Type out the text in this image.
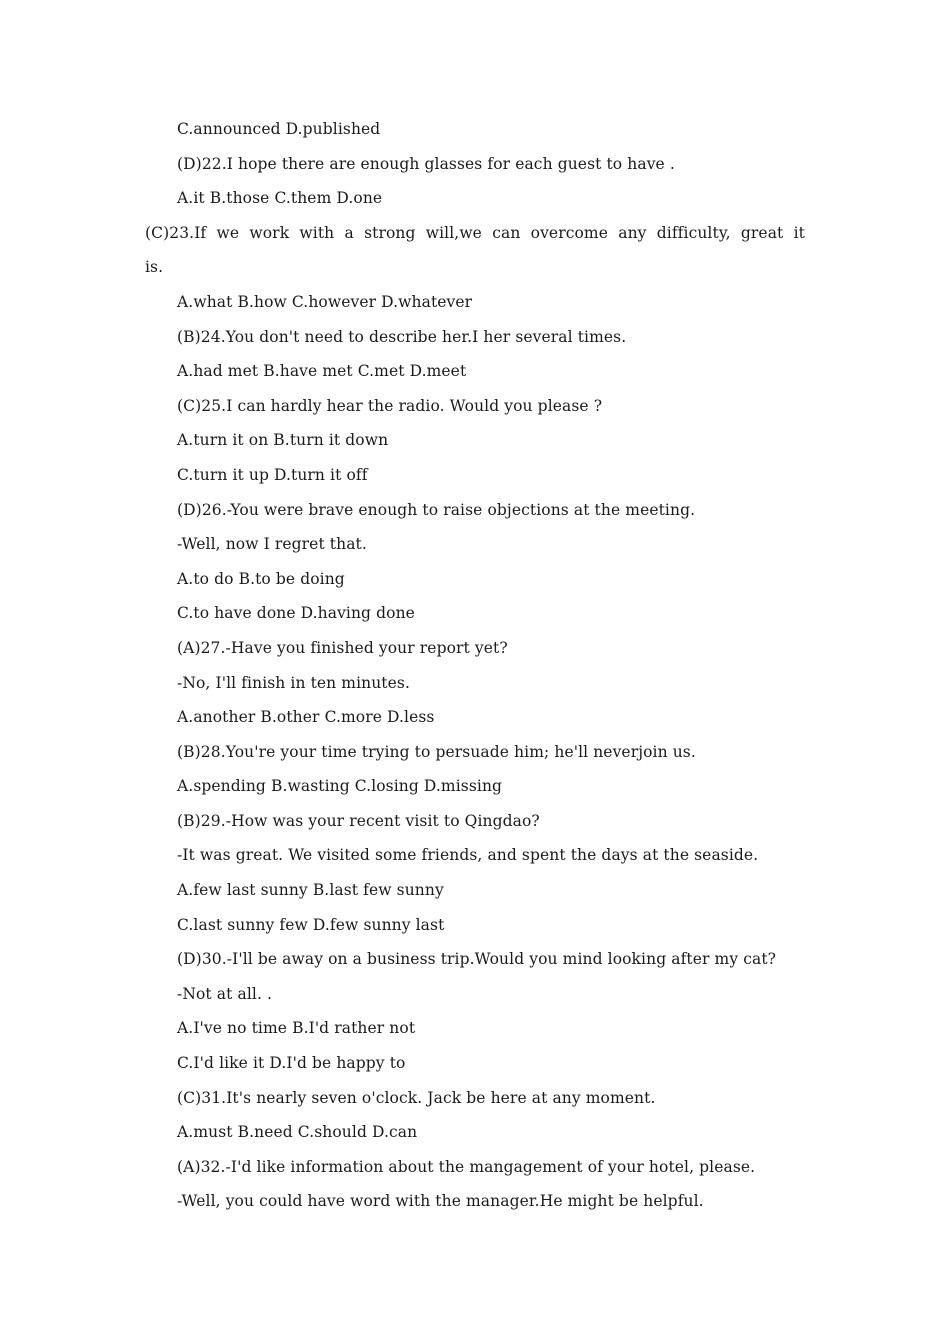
C.announced D.published
(D)22.I hope there are enough glasses for each guest to have .
A.it B.those C.them D.one
(C)23.If we work with a strong will,we can overcome any difficulty, great it
is.
A.what B.how C.however D.whatever
(B)24.You don't need to describe her.I her several times.
A.had met B.have met C.met D.meet
(C)25.I can hardly hear the radio. Would you please ?
A.turn it on B.turn it down
C.turn it up D.turn it off
(D)26.-You were brave enough to raise objections at the meeting.
-Well, now I regret that.
A.to do B.to be doing
C.to have done D.having done
(A)27.-Have you finished your report yet?
-No, I'll finish in ten minutes.
A.another B.other C.more D.less
(B)28.You're your time trying to persuade him; he'll neverjoin us.
A.spending B.wasting C.losing D.missing
(B)29.-How was your recent visit to Qingdao?
-It was great. We visited some friends, and spent the days at the seaside.
A.few last sunny B.last few sunny
C.last sunny few D.few sunny last
(D)30.-I'll be away on a business trip.Would you mind looking after my cat?
-Not at all. .
A.I've no time B.I'd rather not
C.I'd like it D.I'd be happy to
(C)31.It's nearly seven o'clock. Jack be here at any moment.
A.must B.need C.should D.can
(A)32.-I'd like information about the mangagement of your hotel, please.
-Well, you could have word with the manager.He might be helpful.
